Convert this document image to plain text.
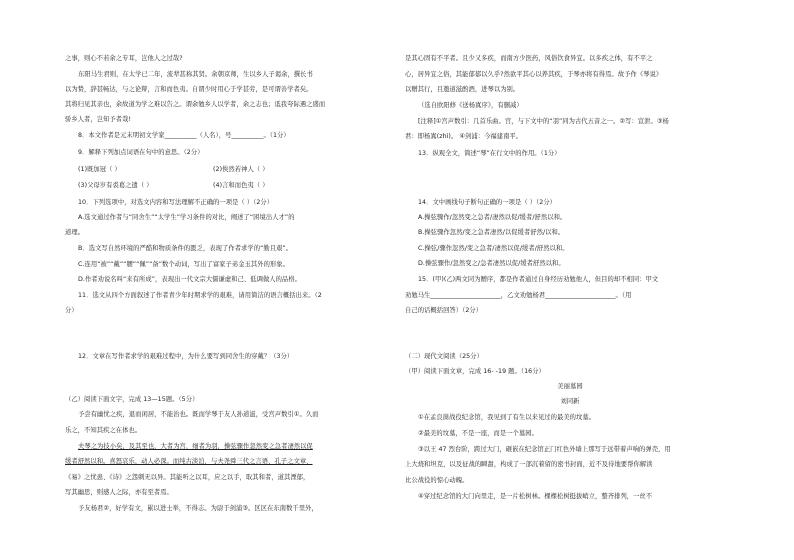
之事，则心不若余之专耳，岂他人之过哉?
东阳马生君则，在太学已二年，流辈甚称其贤。余朝京师，生以乡人子谒余，撰长书
以为贽，辞甚畅达，与之论辩，言和而色夷。自谓少时用心于学甚劳，是可谓善学者矣。
其将归见其亲也，余故道为学之难以告之。谓余勉乡人以学者，余之志也；诋我夸际遇之盛而
骄乡人者，岂知予者哉!
8．本文作者是元末明初文学家__________（人名），号__________。（1分）
9．解释下列加点词语在句中的意思。（2分）
(1)既加冠（ ）	(2)俟然若神人（ ）
(3)父母岁有裘葛之遗（ ）	(4)言和而色夷（ ）
10．下列选项中，对选文内容和写法理解不正确的一项是（ ）（2分）
A.选文通过作者与“同舍生”“太学生”学习条件的对比，阐述了“困境出人才”的
道理。
B．选文写自然环境的严酷和物质条件的匮乏，表现了作者求学的“勤且艰”。
C.连用“被”“戴”“腰”“佩”“备”数个动词，写出了富家子弟金玉其外的形象。
D.作者劝说名叫“来有所成”，表现出一代文宗大儒谦虚和己、低调做人的品格。
11．选文从四个方面叙述了作者青少年时期求学的艰难，请用简洁的语言概括出来。（2
分）
12．文章在写作者求学的艰难过程中，为什么要写到同舍生的穿戴？（3分）
（乙）阅读下面文字，完成 13—15题。（5分）
予尝有幽忧之疾，退而闲居，不能治也。既而学琴于友人孙道滋，受宫声数引①。久而
乐之，不知其疾之在体也。
夫琴之为技小矣，及其至也，大者为宫，细者为羽，操弦骤作忽然变之急者凄然以促
缓者舒然以和。喜怒哀乐，动人必深。而纯古淡泊，与夫尧舜三代之言语、孔子之文章、
《易》之忧患、《诗》之怨刺无以异。其能听之以耳，应之以手，取其和者，道其湮郁，
写其幽思，则感人之际，亦有至者焉。
予友杨君②，好学有文，累以进士举，不得志。为尉于剑浦③。区区在东南数千里外，
是其心固有不平者。且少又多疾，而南方少医药，风俗饮食异宜。以多疾之体，有不平之
心，居异宜之俗，其能郁郁以久乎?然欲平其心以养其疾，于琴亦将有得焉。故予作《琴说》
以赠其行，且邀道滋酌酒，进琴以为别。
（选自欧阳修《送杨寘序》，有删减）
[注释]①宫声数引：几首乐曲。宫，与下文中的“羽”同为古代五音之一。②写：宣泄。③杨
君：即杨寘(zhì)。 ④剑浦：今福建南平。
13．纵观全文，简述“琴”在行文中的作用。（1分）
14．文中画线句子断句正确的一项是（ ）（2分）
A.操弦骤作/忽然变之急者/凄然以促/缓者/舒然以和。
B.操弦骤作忽然/变之急者凄然/以促缓者舒然/以和。
C.操弦/骤作忽然/变之急者/凄然以促/缓者/舒然以和。
D.操弦骤作/忽然变之/急者凄然以促/缓者舒然以和。
15．(甲)(乙)两文同为赠序，都是作者通过自身经历劝勉他人，但目的却不相同：甲文
劝勉马生______________________，乙文劝勉杨君______________________。（用
自己的话概括回答）（2分）
（二）现代文阅读（25分）
（甲）阅读下面文章，完成 16- -19 题。（16分）
美丽墓园
刘同新
①在孟良崮战役纪念馆，我见到了有生以来见过的最美的坟墓。
②最美的坟墓，不是一座，而是一个墓园。
③以王 47 烈台阶，跨过大门，砸嵌在纪念馆正门红色外墙上那写于远带着声响的弹壳，用
上大烧和坦克，以及征战的瞬甜，构成了一部沉着留的密书封面，近不及待地要帮你解读
比公战役的惊心动魄。
④穿过纪念馆的大门向里走，是一片松树林。棵棵松树挺拔峭立，整齐排列，一丝不
